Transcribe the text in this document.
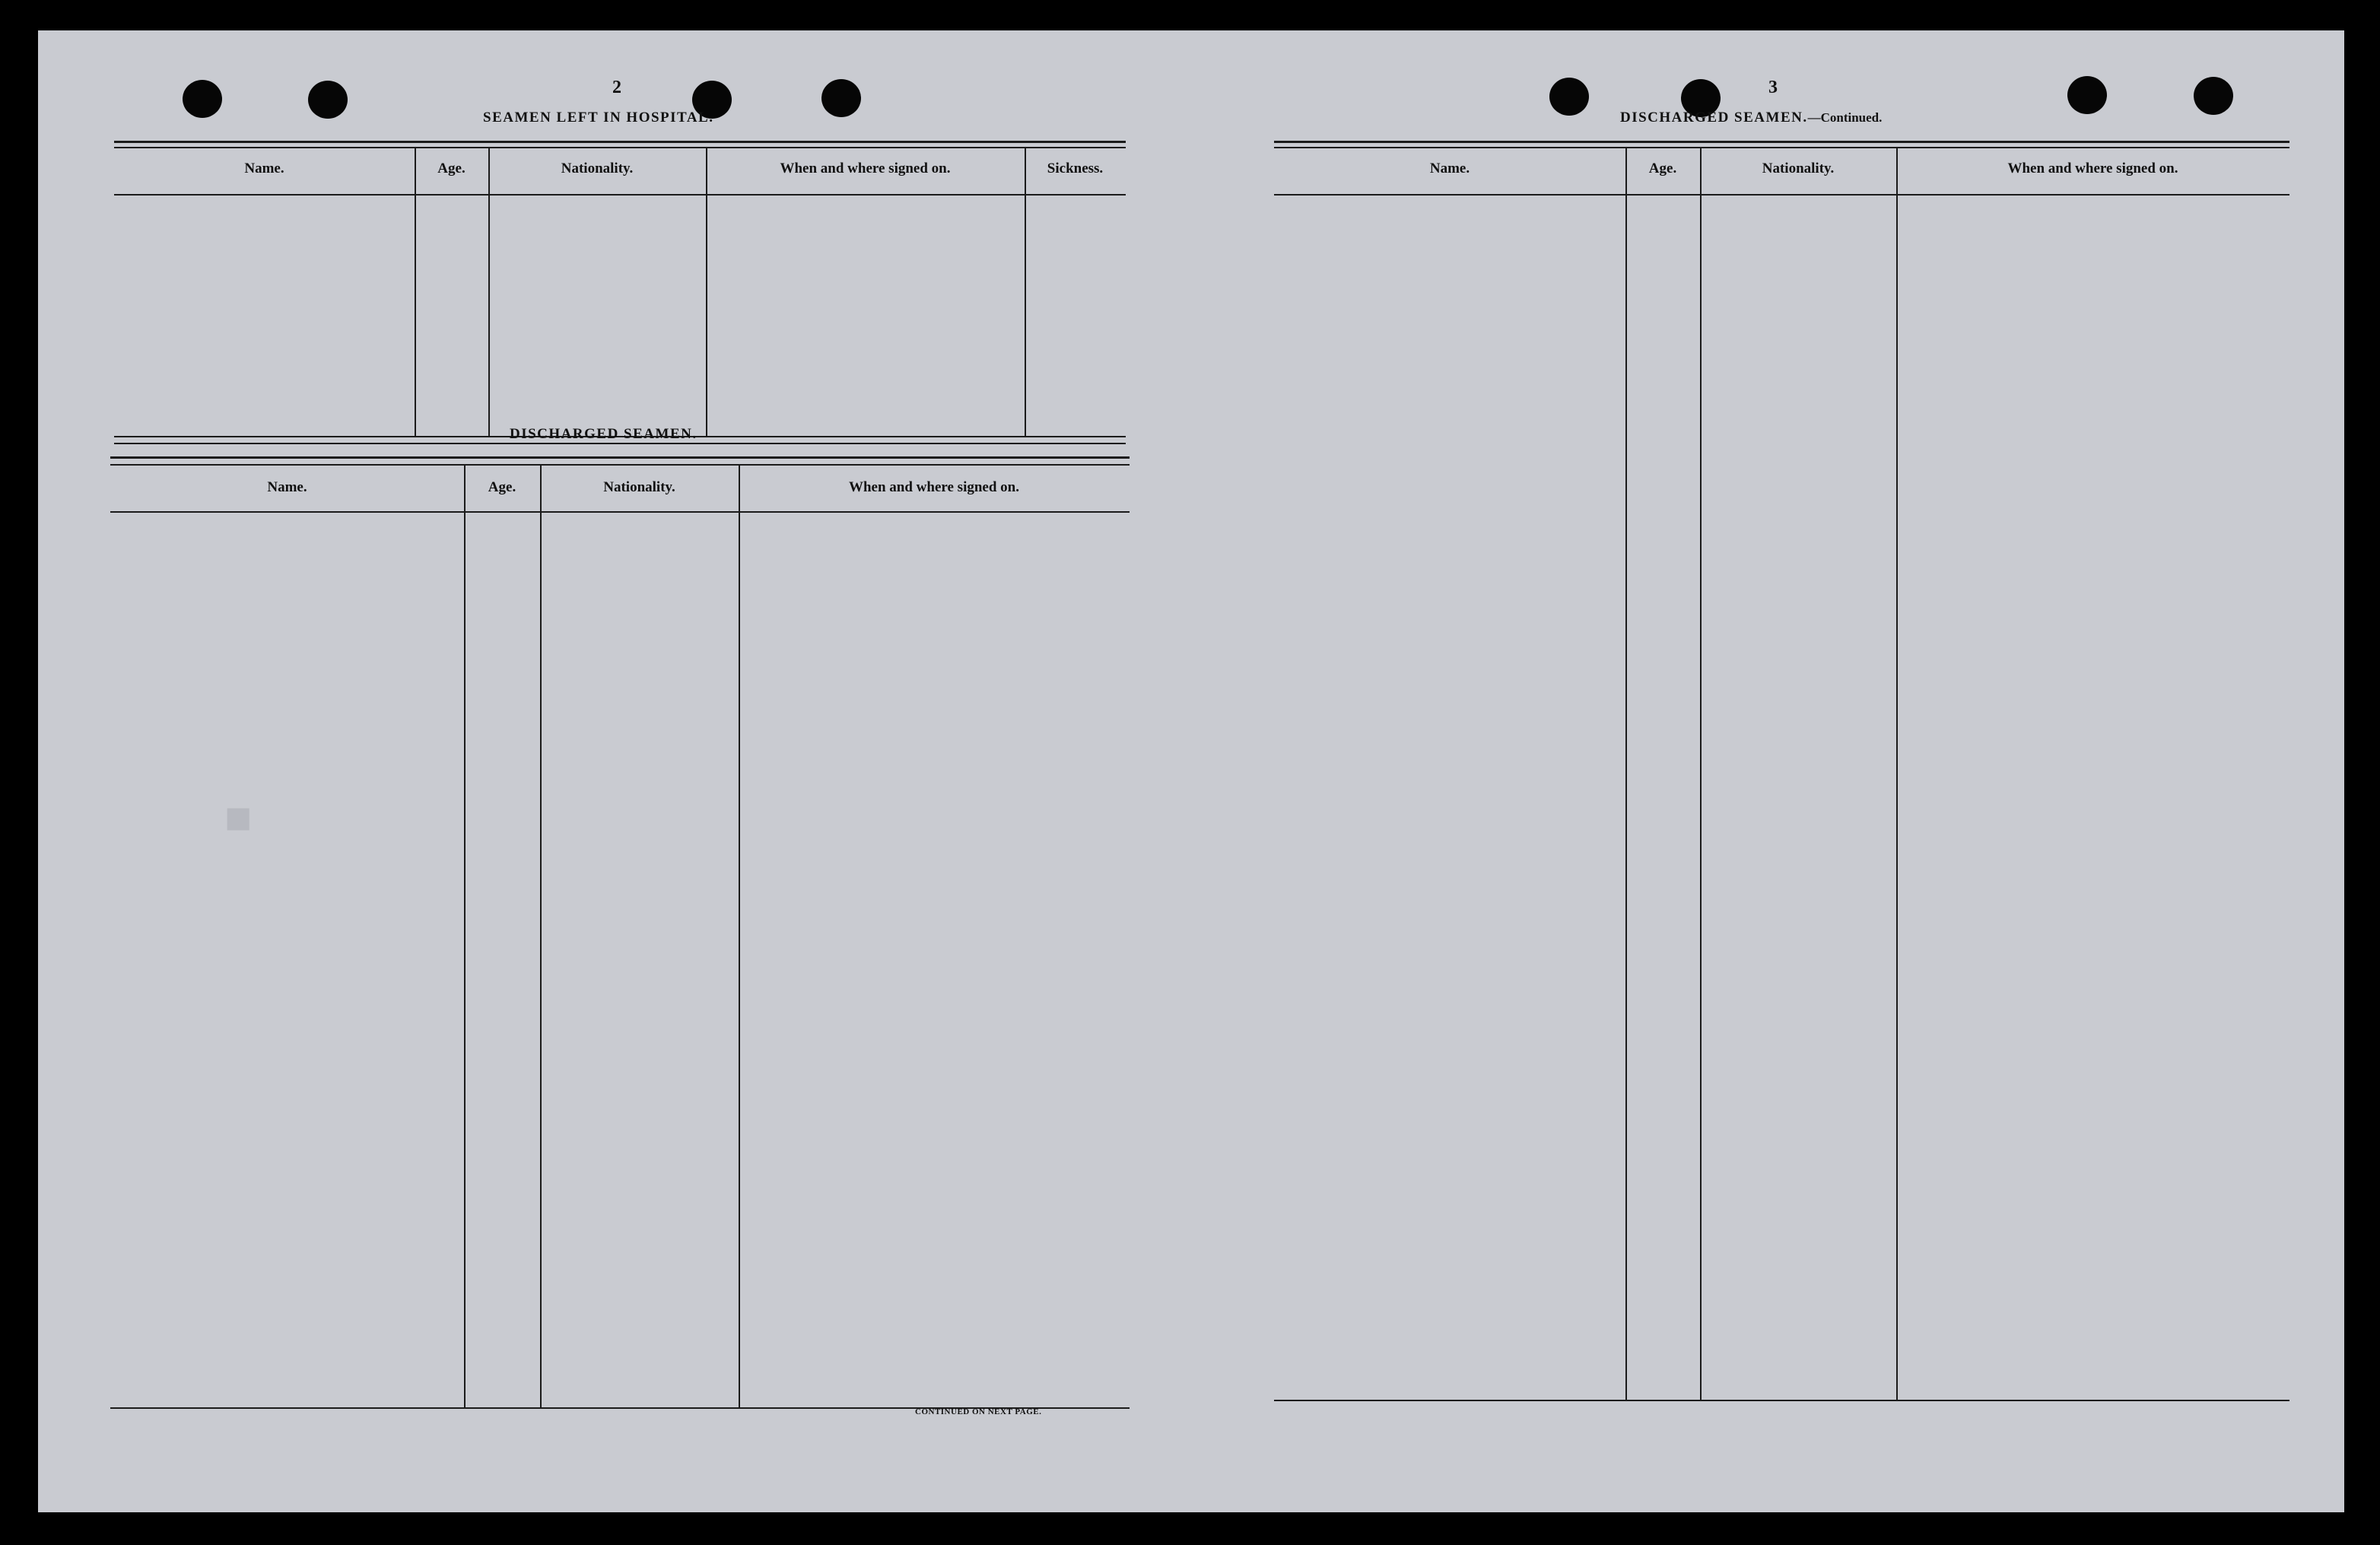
■
2
SEAMEN LEFT IN HOSPITAL.
Name.	Age.	Nationality.	When and where signed on.	Sickness.
DISCHARGED SEAMEN.
Name.	Age.	Nationality.	When and where signed on.
CONTINUED ON NEXT PAGE.
3
DISCHARGED SEAMEN.—Continued.
Name.	Age.	Nationality.	When and where signed on.
